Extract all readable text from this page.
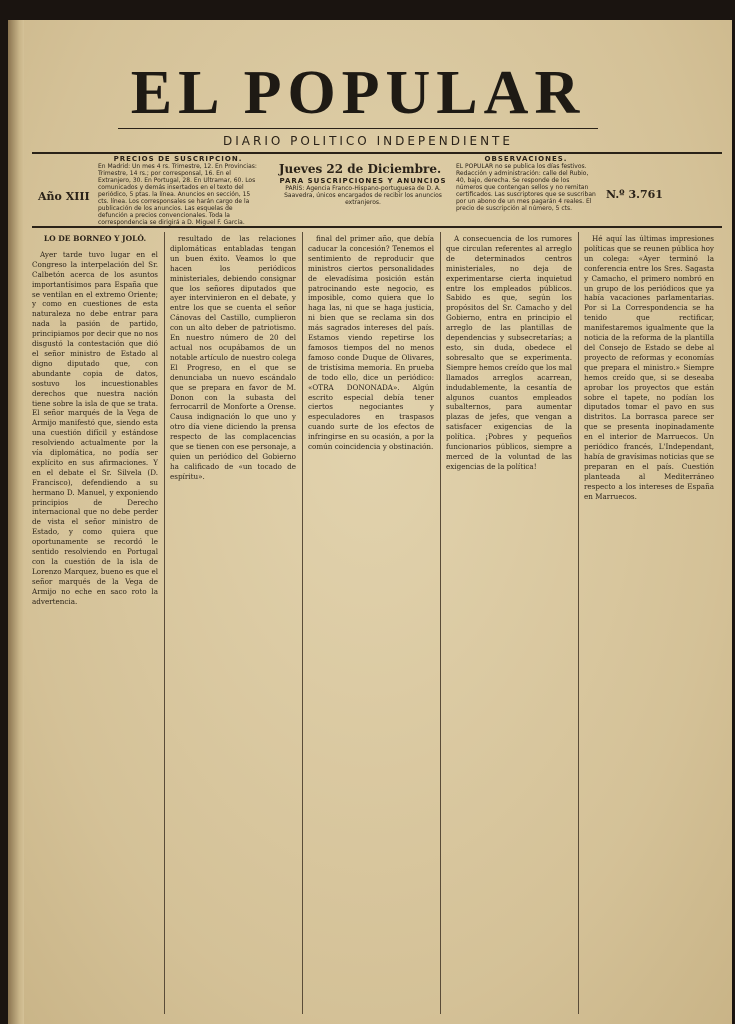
EL POPULAR
DIARIO POLITICO INDEPENDIENTE
PRECIOS DE SUSCRIPCION.
En Madrid: Un mes 4 rs. Trimestre, 12. En Provincias: Trimestre, 14 rs.; por corresponsal, 16. En el Extranjero, 30. En Portugal, 28. En Ultramar, 60. Los comunicados y demás insertados en el texto del periódico, 5 ptas. la línea. Anuncios en sección, 15 cts. línea. Los corresponsales se harán cargo de la publicación de los anuncios. Las esquelas de defunción a precios convencionales. Toda la correspondencia se dirigirá a D. Miguel F. García.
Jueves 22 de Diciembre.
PARA SUSCRIPCIONES Y ANUNCIOS
PARÍS: Agencia Franco-Hispano-portuguesa de D. A. Saavedra, únicos encargados de recibir los anuncios extranjeros.
OBSERVACIONES.
EL POPULAR no se publica los días festivos. Redacción y administración: calle del Rubio, 40, bajo, derecha. Se responde de los números que contengan sellos y no remitan certificados. Las suscriptores que se suscriban por un abono de un mes pagarán 4 reales. El precio de suscripción al número, 5 cts.
Año XIII	N.º 3.761

LO DE BORNEO Y JOLÓ.

Ayer tarde tuvo lugar en el Congreso la interpelación del Sr. Calbetón acerca de los asuntos importantísimos para España que se ventilan en el extremo Oriente; y como en cuestiones de esta naturaleza no debe entrar para nada la pasión de partido, principiamos por decir que no nos disgustó la contestación que dió el señor ministro de Estado al digno diputado que, con abundante copia de datos, sostuvo los incuestionables derechos que nuestra nación tiene sobre la isla de que se trata. El señor marqués de la Vega de Armijo manifestó que, siendo esta una cuestión difícil y estándose resolviendo actualmente por la vía diplomática, no podía ser explícito en sus afirmaciones. Y en el debate el Sr. Silvela (D. Francisco), defendiendo a su hermano D. Manuel, y exponiendo principios de Derecho internacional que no debe perder de vista el señor ministro de Estado, y como quiera que oportunamente se recordó le sentido resolviendo en Portugal con la cuestión de la isla de Lorenzo Marquez, bueno es que el señor marqués de la Vega de Armijo no eche en saco roto la advertencia.

resultado de las relaciones diplomáticas entabladas tengan un buen éxito. Veamos lo que hacen los periódicos ministeriales, debiendo consignar que los señores diputados que ayer intervinieron en el debate, y entre los que se cuenta el señor Cánovas del Castillo, cumplieron con un alto deber de patriotismo. En nuestro número de 20 del actual nos ocupábamos de un notable artículo de nuestro colega El Progreso, en el que se denunciaba un nuevo escándalo que se prepara en favor de M. Donon con la subasta del ferrocarril de Monforte a Orense. Causa indignación lo que uno y otro día viene diciendo la prensa respecto de las complacencias que se tienen con ese personaje, a quien un periódico del Gobierno ha calificado de «un tocado de espíritu».

final del primer año, que debía caducar la concesión? Tenemos el sentimiento de reproducir que ministros ciertos personalidades de elevadísima posición están patrocinando este negocio, es imposible, como quiera que lo haga las, ni que se haga justicia, ni bien que se reclama sin dos más sagrados intereses del país. Estamos viendo repetirse los famosos tiempos del no menos famoso conde Duque de Olivares, de tristísima memoria. En prueba de todo ello, dice un periódico: «OTRA DONONADA». Algún escrito especial debía tener ciertos negociantes y especuladores en traspasos cuando surte de los efectos de infringirse en su ocasión, a por la común coincidencia y obstinación.

A consecuencia de los rumores que circulan referentes al arreglo de determinados centros ministeriales, no deja de experimentarse cierta inquietud entre los empleados públicos. Sabido es que, según los propósitos del Sr. Camacho y del Gobierno, entra en principio el arreglo de las plantillas de dependencias y subsecretarías; a esto, sin duda, obedece el sobresalto que se experimenta. Siempre hemos creído que los mal llamados arreglos acarrean, indudablemente, la cesantía de algunos cuantos empleados subalternos, para aumentar plazas de jefes, que vengan a satisfacer exigencias de la política. ¡Pobres y pequeños funcionarios públicos, siempre a merced de la voluntad de las exigencias de la política!

Hé aquí las últimas impresiones políticas que se reunen pública hoy un colega: «Ayer terminó la conferencia entre los Sres. Sagasta y Camacho, el primero nombró en un grupo de los periódicos que ya había vacaciones parlamentarias. Por si La Correspondencia se ha tenido que rectificar, manifestaremos igualmente que la noticia de la reforma de la plantilla del Consejo de Estado se debe al proyecto de reformas y economías que prepara el ministro.» Siempre hemos creído que, si se deseaba aprobar los proyectos que están sobre el tapete, no podían los diputados tomar el pavo en sus distritos. La borrasca parece ser que se presenta inopinadamente en el interior de Marruecos. Un periódico francés, L'Independant, había de gravísimas noticias que se preparan en el país. Cuestión planteada al Mediterráneo respecto a los intereses de España en Marruecos.
